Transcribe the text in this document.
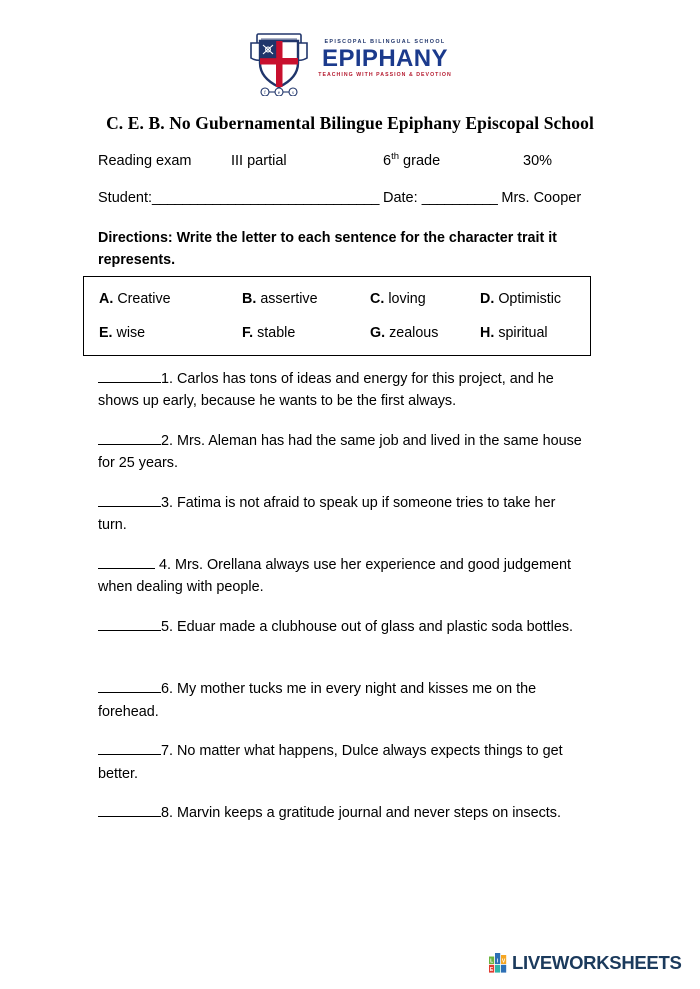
f e s
EPISCOPAL BILINGUAL SCHOOL
EPIPHANY
TEACHING WITH PASSION & DEVOTION
C. E. B. No Gubernamental Bilingue Epiphany Episcopal School
Reading exam	III partial	6th grade	30%
Student:______________________________ Date: __________ Mrs. Cooper
Directions: Write the letter to each sentence for the character trait it represents.
A. Creative	B. assertive	C. loving	D. Optimistic
E. wise	F. stable	G. zealous	H. spiritual
1. Carlos has tons of ideas and energy for this project, and he shows up early, because he wants to be the first always.
2. Mrs. Aleman has had the same job and lived in the same house for 25 years.
3. Fatima is not afraid to speak up if someone tries to take her turn.
4. Mrs. Orellana always use her experience and good judgement when dealing with people.
5. Eduar made a clubhouse out of glass and plastic soda bottles.
6. My mother tucks me in every night and kisses me on the forehead.
7. No matter what happens, Dulce always expects things to get better.
8. Marvin keeps a gratitude journal and never steps on insects.
L I V
E LIVEWORKSHEETS
